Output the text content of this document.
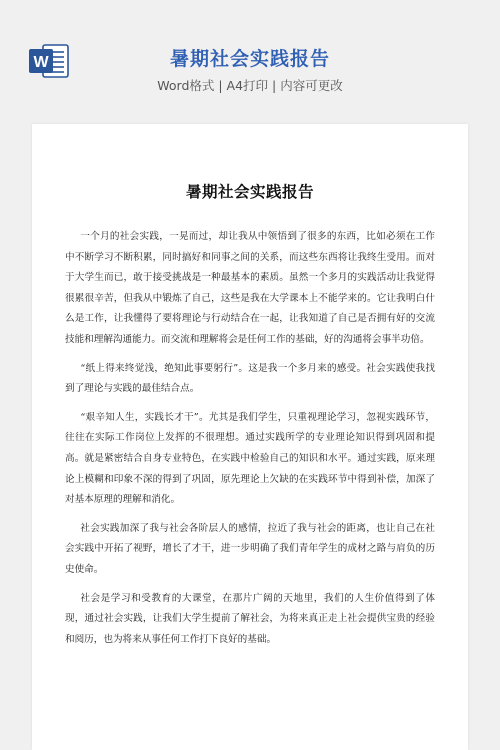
W	暑期社会实践报告
Word格式 | A4打印 | 内容可更改
暑期社会实践报告

一个月的社会实践，一晃而过，却让我从中领悟到了很多的东西，比如必须在工作中不断学习不断积累，同时搞好和同事之间的关系，而这些东西将让我终生受用。而对于大学生而已，敢于接受挑战是一种最基本的素质。虽然一个多月的实践活动让我觉得很累很辛苦，但我从中锻炼了自己，这些是我在大学课本上不能学来的。它让我明白什么是工作，让我懂得了要将理论与行动结合在一起，让我知道了自己是否拥有好的交流技能和理解沟通能力。而交流和理解将会是任何工作的基础，好的沟通将会事半功倍。

“纸上得来终觉浅，绝知此事要躬行”。这是我一个多月来的感受。社会实践使我找到了理论与实践的最佳结合点。

“艰辛知人生，实践长才干”。尤其是我们学生，只重视理论学习，忽视实践环节，往往在实际工作岗位上发挥的不很理想。通过实践所学的专业理论知识得到巩固和提高。就是紧密结合自身专业特色，在实践中检验自己的知识和水平。通过实践，原来理论上模糊和印象不深的得到了巩固，原先理论上欠缺的在实践环节中得到补偿，加深了对基本原理的理解和消化。

社会实践加深了我与社会各阶层人的感情，拉近了我与社会的距离，也让自己在社会实践中开拓了视野，增长了才干，进一步明确了我们青年学生的成材之路与肩负的历史使命。

社会是学习和受教育的大课堂，在那片广阔的天地里，我们的人生价值得到了体现，通过社会实践，让我们大学生提前了解社会，为将来真正走上社会提供宝贵的经验和阅历，也为将来从事任何工作打下良好的基础。
